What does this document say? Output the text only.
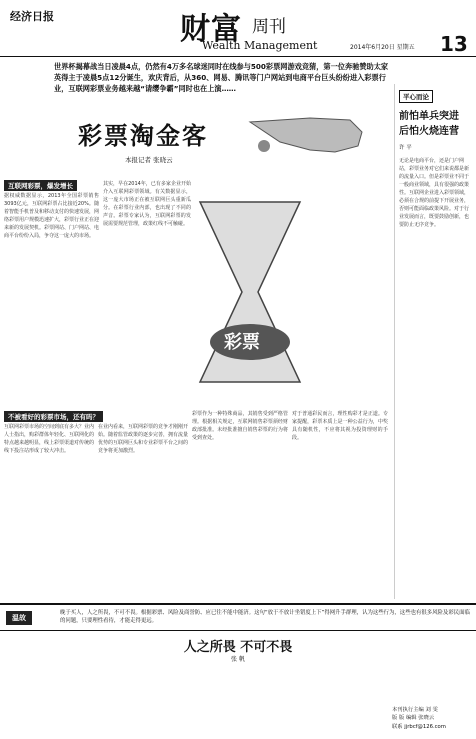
经济日报	财富 周刊
Wealth Management	2014年6月20日 星期五 13
世界杯揭幕战当日凌晨4点，仍然有4万多名球迷同时在线参与500彩票网游戏竞猜，第一位奔驰赞助太家英得主于凌晨5点12分诞生，欢庆背后，从360、网易、腾讯等门户网站到电商平台巨头纷纷进入彩票行业，互联网彩票业务越来越“请缨争霸”同时也在上演……
彩票淘金客
本报记者 张晓云
互联网彩票，爆发增长
不被看好的彩票市场，还有吗？
据权威数据显示，2013年全国彩票销售3093亿元，互联网彩票占比接近20%。随着智能手机普及和移动支付的快速发展，网络彩票用户规模迅速扩大，彩票行业正在迎来新的发展契机。彩票网站、门户网站、电商平台纷纷入局，争夺这一庞大的市场。
其实，早在2014年，已有多家企业开始介入互联网彩票领域。有关数据显示，这一庞大市场正在被互联网巨头重新瓜分。在彩票行业内部，也出现了不同的声音。彩票专家认为，互联网彩票的发展需要规范管理，政策红线不可触碰。
彩票
互联网彩票市场的空间到底有多大？业内人士指出，购彩群体年轻化、互联网化的特点越来越明显，线上彩票渠道对传统的线下投注站形成了较大冲击。
在业内看来，互联网彩票的竞争才刚刚开始。随着监管政策的逐步完善，拥有流量优势的互联网巨头和专业彩票平台之间的竞争将更加激烈。
彩票作为一种特殊商品，其销售受到严格管理。根据相关规定，互联网销售彩票须经财政部批准。未经批准擅自销售彩票的行为将受到查处。
对于普通彩民而言，理性购彩才是正道。专家提醒，彩票本质上是一种公益行为，中奖具有随机性，不应将其视为投资理财的手段。
平心而论
前怕单兵突进 后怕火烧连营
许 平
无论是电商平台，还是门户网站，彩票业务对它们来说都是新的流量入口。但是彩票业不同于一般商业领域，具有很强的政策性。互联网企业进入彩票领域，必须在合规的前提下开展业务，否则可能面临政策风险。对于行业发展而言，既要鼓励创新，也要防止无序竞争。
温故
晚于买人，人之所畏，不可不畏。根据彩票、风险及商誉防、应已往不能中能济。这句“放于不放计坐错度上下”得网升手群理，认为这些行为，这些也有很多风险及彩民面临的问题，只要理性看待，才能走得更远。
人之所畏 不可不畏
张 帆
本刊执行主编 刘 雯
版 版 编辑 张晓云
联系 jjrbcf@126.com
